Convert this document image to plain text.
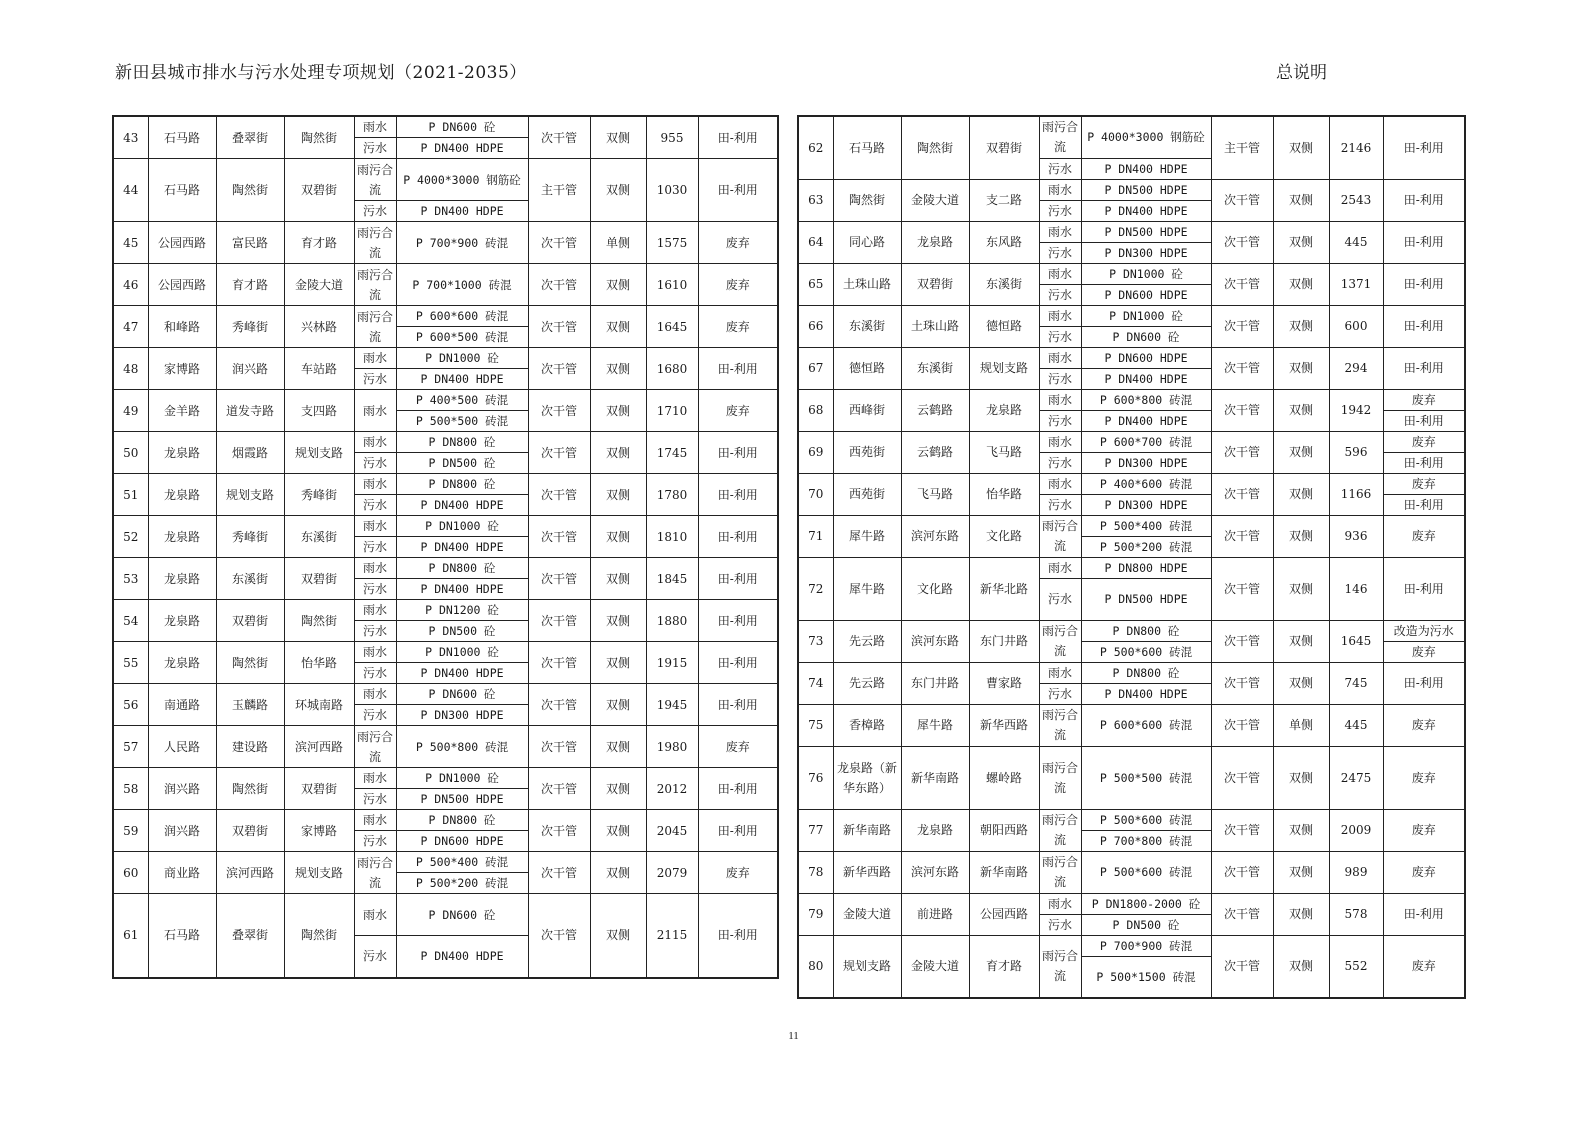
新田县城市排水与污水处理专项规划（2021-2035）	总说明
43	石马路	叠翠街	陶然街	雨水	P DN600 砼	次干管	双侧	955	田-利用
				污水	P DN400 HDPE				
44	石马路	陶然街	双碧街	雨污合流	P 4000*3000 钢筋砼	主干管	双侧	1030	田-利用

				污水	P DN400 HDPE				
45	公园西路	富民路	育才路	雨污合流	P 700*900 砖混	次干管	单侧	1575	废弃

46	公园西路	育才路	金陵大道	雨污合流	P 700*1000 砖混	次干管	双侧	1610	废弃

47	和峰路	秀峰街	兴林路	雨污合流	P 600*600 砖混	次干管	双侧	1645	废弃
					P 600*500 砖混				
48	家博路	润兴路	车站路	雨水	P DN1000 砼	次干管	双侧	1680	田-利用
				污水	P DN400 HDPE				
49	金羊路	道发寺路	支四路	雨水	P 400*500 砖混	次干管	双侧	1710	废弃
					P 500*500 砖混				
50	龙泉路	烟霞路	规划支路	雨水	P DN800 砼	次干管	双侧	1745	田-利用
				污水	P DN500 砼				
51	龙泉路	规划支路	秀峰街	雨水	P DN800 砼	次干管	双侧	1780	田-利用
				污水	P DN400 HDPE				
52	龙泉路	秀峰街	东溪街	雨水	P DN1000 砼	次干管	双侧	1810	田-利用
				污水	P DN400 HDPE				
53	龙泉路	东溪街	双碧街	雨水	P DN800 砼	次干管	双侧	1845	田-利用
				污水	P DN400 HDPE				
54	龙泉路	双碧街	陶然街	雨水	P DN1200 砼	次干管	双侧	1880	田-利用
				污水	P DN500 砼				
55	龙泉路	陶然街	怡华路	雨水	P DN1000 砼	次干管	双侧	1915	田-利用
				污水	P DN400 HDPE				
56	南通路	玉麟路	环城南路	雨水	P DN600 砼	次干管	双侧	1945	田-利用
				污水	P DN300 HDPE				
57	人民路	建设路	滨河西路	雨污合流	P 500*800 砖混	次干管	双侧	1980	废弃

58	润兴路	陶然街	双碧街	雨水	P DN1000 砼	次干管	双侧	2012	田-利用
				污水	P DN500 HDPE				
59	润兴路	双碧街	家博路	雨水	P DN800 砼	次干管	双侧	2045	田-利用
				污水	P DN600 HDPE				
60	商业路	滨河西路	规划支路	雨污合流	P 500*400 砖混	次干管	双侧	2079	废弃
					P 500*200 砖混				
61	石马路	叠翠街	陶然街	雨水	P DN600 砼	次干管	双侧	2115	田-利用

				污水	P DN400 HDPE				

62	石马路	陶然街	双碧街	雨污合流	P 4000*3000 钢筋砼	主干管	双侧	2146	田-利用

				污水	P DN400 HDPE				
63	陶然街	金陵大道	支二路	雨水	P DN500 HDPE	次干管	双侧	2543	田-利用
				污水	P DN400 HDPE				
64	同心路	龙泉路	东风路	雨水	P DN500 HDPE	次干管	双侧	445	田-利用
				污水	P DN300 HDPE				
65	土珠山路	双碧街	东溪街	雨水	P DN1000 砼	次干管	双侧	1371	田-利用
				污水	P DN600 HDPE				
66	东溪街	土珠山路	德恒路	雨水	P DN1000 砼	次干管	双侧	600	田-利用
				污水	P DN600 砼				
67	德恒路	东溪街	规划支路	雨水	P DN600 HDPE	次干管	双侧	294	田-利用
				污水	P DN400 HDPE				
68	西峰街	云鹤路	龙泉路	雨水	P 600*800 砖混	次干管	双侧	1942	废弃
				污水	P DN400 HDPE				田-利用
69	西苑街	云鹤路	飞马路	雨水	P 600*700 砖混	次干管	双侧	596	废弃
				污水	P DN300 HDPE				田-利用
70	西苑街	飞马路	怡华路	雨水	P 400*600 砖混	次干管	双侧	1166	废弃
				污水	P DN300 HDPE				田-利用
71	犀牛路	滨河东路	文化路	雨污合流	P 500*400 砖混	次干管	双侧	936	废弃
					P 500*200 砖混				
72	犀牛路	文化路	新华北路	雨水	P DN800 HDPE	次干管	双侧	146	田-利用
				污水	P DN500 HDPE				

73	先云路	滨河东路	东门井路	雨污合流	P DN800 砼	次干管	双侧	1645	改造为污水
					P 500*600 砖混				废弃
74	先云路	东门井路	曹家路	雨水	P DN800 砼	次干管	双侧	745	田-利用
				污水	P DN400 HDPE				
75	香樟路	犀牛路	新华西路	雨污合流	P 600*600 砖混	次干管	单侧	445	废弃

76	龙泉路（新华东路）	新华南路	螺岭路	雨污合流	P 500*500 砖混	次干管	双侧	2475	废弃

77	新华南路	龙泉路	朝阳西路	雨污合流	P 500*600 砖混	次干管	双侧	2009	废弃
					P 700*800 砖混				
78	新华西路	滨河东路	新华南路	雨污合流	P 500*600 砖混	次干管	双侧	989	废弃

79	金陵大道	前进路	公园西路	雨水	P DN1800-2000 砼	次干管	双侧	578	田-利用
				污水	P DN500 砼				
80	规划支路	金陵大道	育才路	雨污合流	P 700*900 砖混	次干管	双侧	552	废弃
					P 500*1500 砖混				

11
